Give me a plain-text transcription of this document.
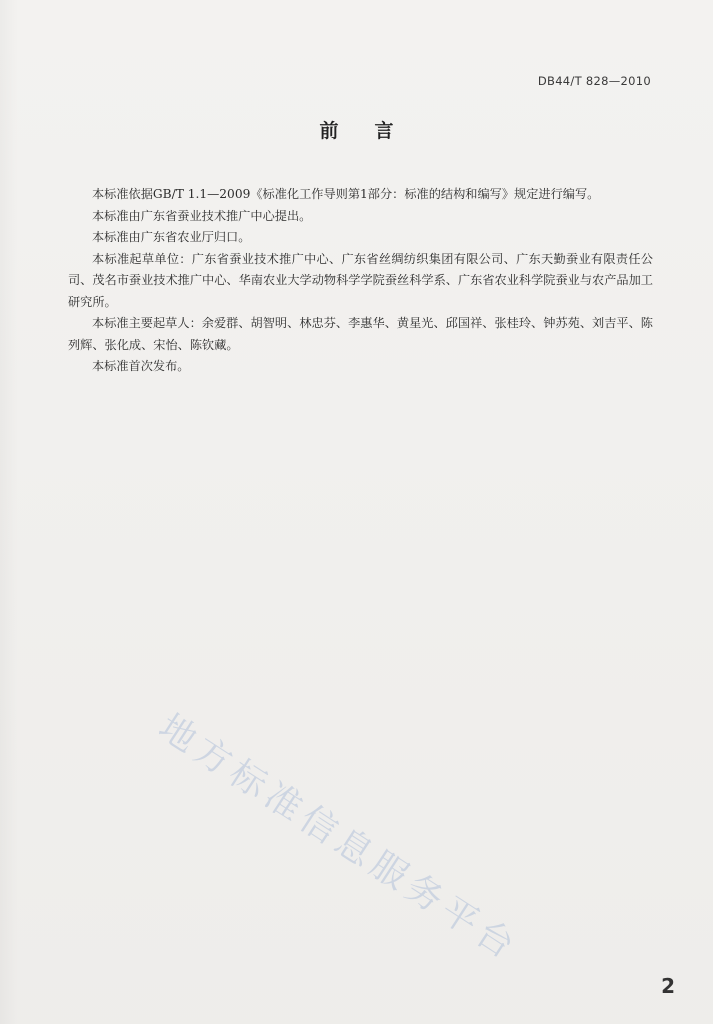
DB44/T 828—2010
前言

本标准依据GB/T 1.1—2009《标准化工作导则第1部分：标准的结构和编写》规定进行编写。

本标准由广东省蚕业技术推广中心提出。

本标准由广东省农业厅归口。

本标准起草单位：广东省蚕业技术推广中心、广东省丝绸纺织集团有限公司、广东天勤蚕业有限责任公司、茂名市蚕业技术推广中心、华南农业大学动物科学学院蚕丝科学系、广东省农业科学院蚕业与农产品加工研究所。

本标准主要起草人：余爱群、胡智明、林忠芬、李惠华、黄星光、邱国祥、张桂玲、钟苏苑、刘吉平、陈列辉、张化成、宋怡、陈钦藏。

本标准首次发布。

地方标准信息服务平台
2
